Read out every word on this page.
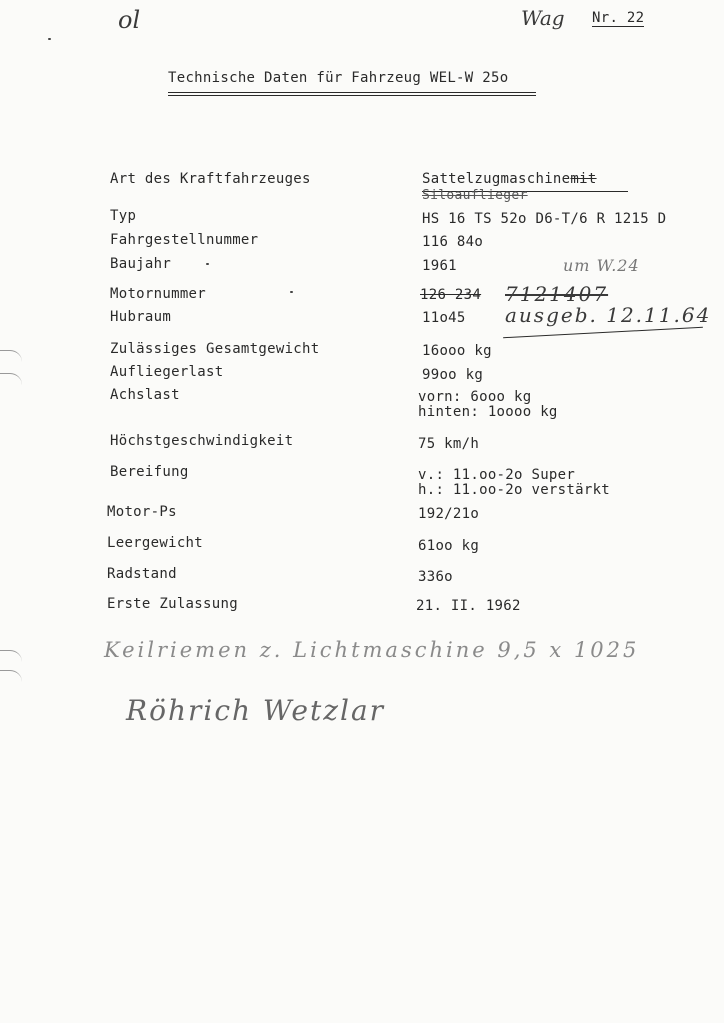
ol	Wag Nr. 22
Technische Daten für Fahrzeug WEL-W 25o
Art des Kraftfahrzeuges	Sattelzugmaschinemit
Siloauflieger
Typ	HS 16 TS 52o D6-T/6 R 1215 D
Fahrgestellnummer	116 84o
Baujahr	1961	um W.24
Motornummer	126 234 7121407
Hubraum	11o45 ausgeb. 12.11.64
Zulässiges Gesamtgewicht	16ooo kg
Aufliegerlast	99oo kg
Achslast	vorn: 6ooo kg
hinten: 1oooo kg
Höchstgeschwindigkeit	75 km/h
Bereifung	v.: 11.oo-2o Super
h.: 11.oo-2o verstärkt
Motor-Ps	192/21o
Leergewicht	61oo kg
Radstand	336o
Erste Zulassung	21. II. 1962
Keilriemen z. Lichtmaschine 9,5 x 1025
Röhrich Wetzlar
